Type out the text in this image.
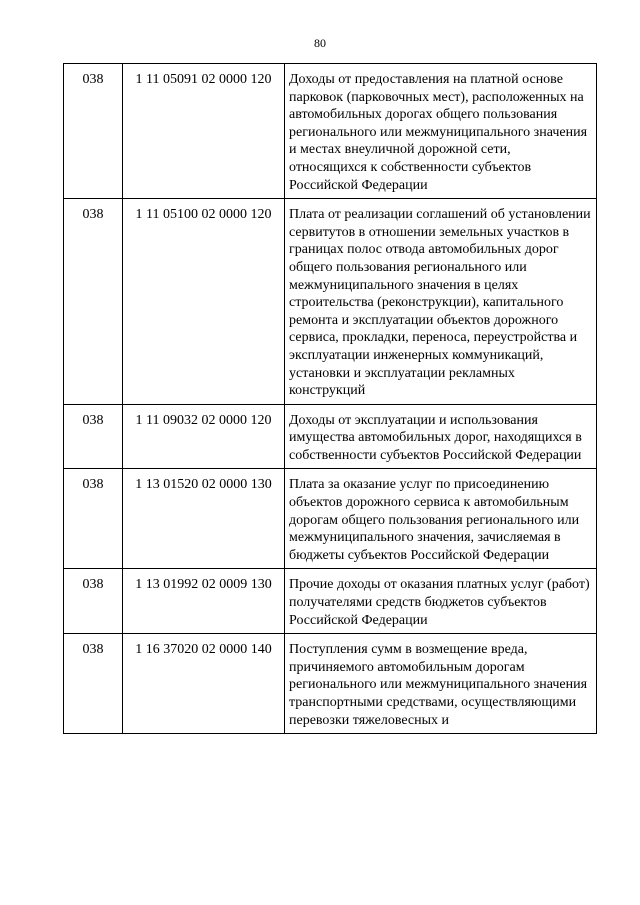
80
038	1 11 05091 02 0000 120	Доходы от предоставления на платной основе парковок (парковочных мест), расположенных на автомобильных дорогах общего пользования регионального или межмуниципального значения и местах внеуличной дорожной сети, относящихся к собственности субъектов Российской Федерации
038	1 11 05100 02 0000 120	Плата от реализации соглашений об установлении сервитутов в отношении земельных участков в границах полос отвода автомобильных дорог общего пользования регионального или межмуниципального значения в целях строительства (реконструкции), капитального ремонта и эксплуатации объектов дорожного сервиса, прокладки, переноса, переустройства и эксплуатации инженерных коммуникаций, установки и эксплуатации рекламных конструкций
038	1 11 09032 02 0000 120	Доходы от эксплуатации и использования имущества автомобильных дорог, находящихся в собственности субъектов Российской Федерации
038	1 13 01520 02 0000 130	Плата за оказание услуг по присоединению объектов дорожного сервиса к автомобильным дорогам общего пользования регионального или межмуниципального значения, зачисляемая в бюджеты субъектов Российской Федерации
038	1 13 01992 02 0009 130	Прочие доходы от оказания платных услуг (работ) получателями средств бюджетов субъектов Российской Федерации
038	1 16 37020 02 0000 140	Поступления сумм в возмещение вреда, причиняемого автомобильным дорогам регионального или межмуниципального значения транспортными средствами, осуществляющими перевозки тяжеловесных и
